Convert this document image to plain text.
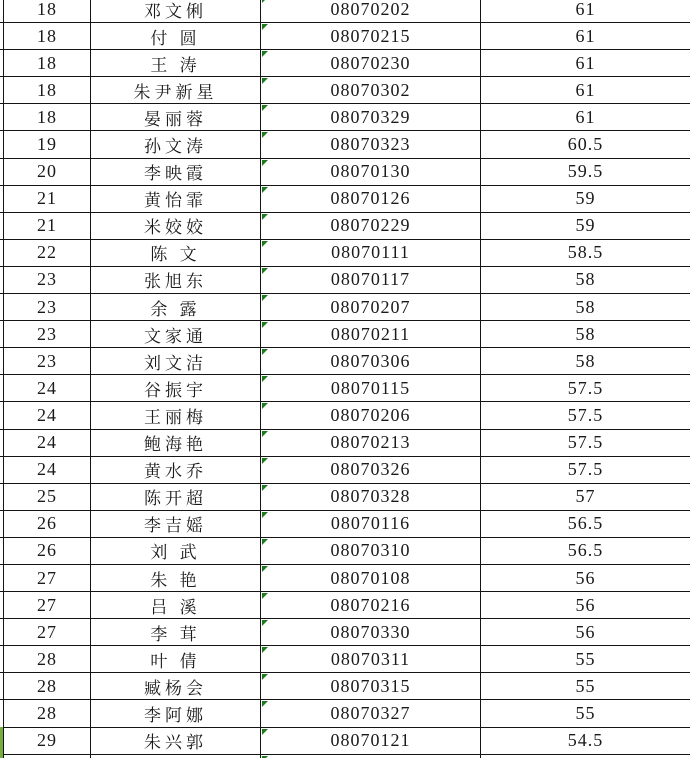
18	邓文俐	08070202	61
18	付 圆	08070215	61
18	王 涛	08070230	61
18	朱尹新星	08070302	61
18	晏丽蓉	08070329	61
19	孙文涛	08070323	60.5
20	李映霞	08070130	59.5
21	黄怡霏	08070126	59
21	米姣姣	08070229	59
22	陈 文	08070111	58.5
23	张旭东	08070117	58
23	余 露	08070207	58
23	文家通	08070211	58
23	刘文洁	08070306	58
24	谷振宇	08070115	57.5
24	王丽梅	08070206	57.5
24	鲍海艳	08070213	57.5
24	黄水乔	08070326	57.5
25	陈开超	08070328	57
26	李吉媱	08070116	56.5
26	刘 武	08070310	56.5
27	朱 艳	08070108	56
27	吕 溪	08070216	56
27	李 茸	08070330	56
28	叶 倩	08070311	55
28	臧杨会	08070315	55
28	李阿娜	08070327	55
29	朱兴郭	08070121	54.5
